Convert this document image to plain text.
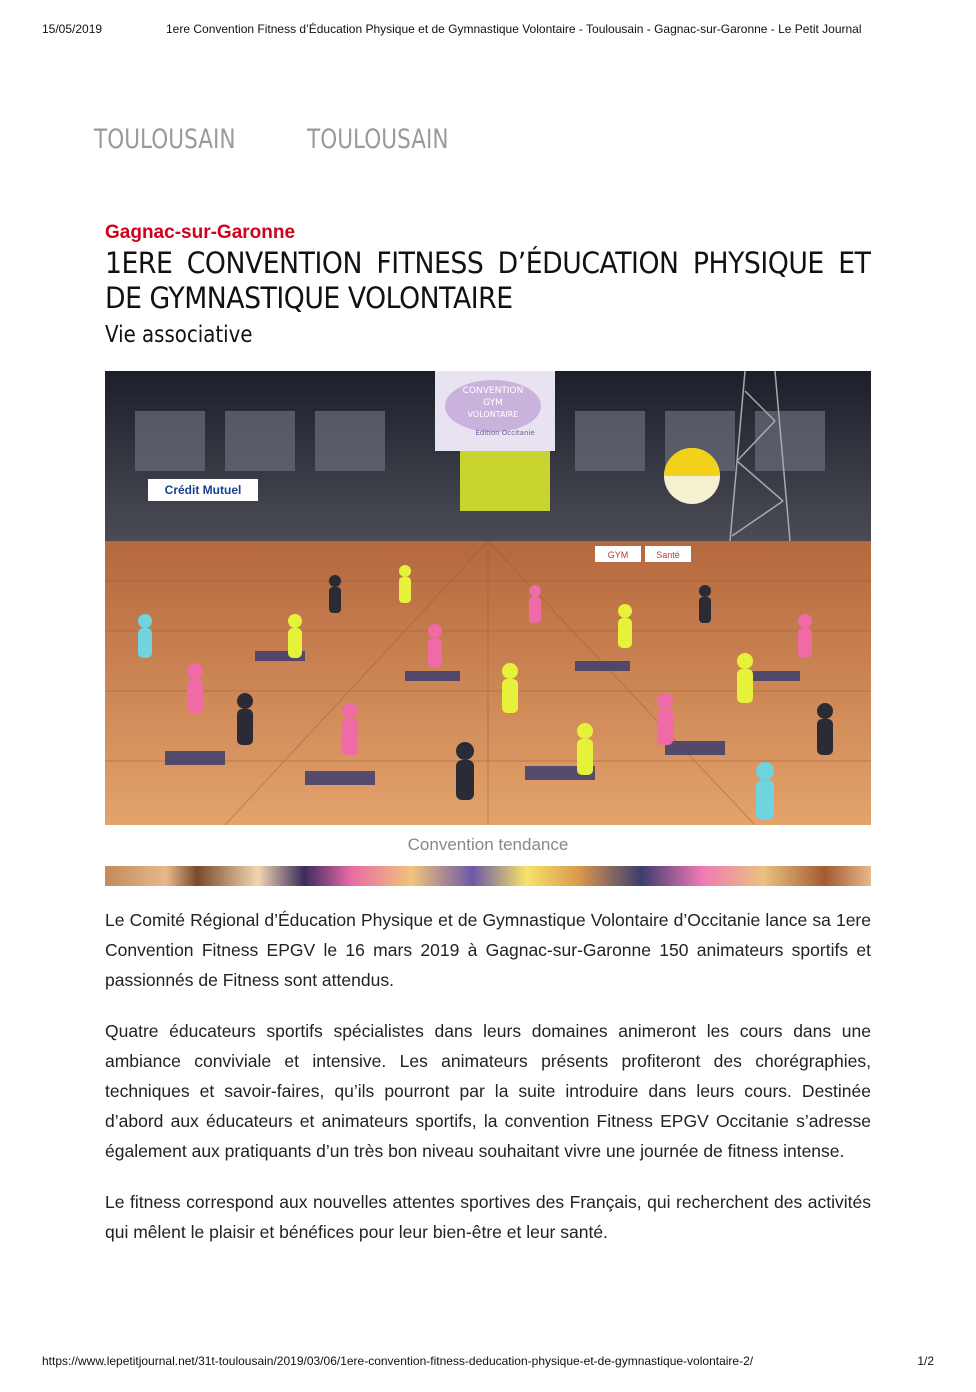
15/05/2019	1ere Convention Fitness d’Éducation Physique et de Gymnastique Volontaire - Toulousain - Gagnac-sur-Garonne - Le Petit Journal
TOULOUSAIN	TOULOUSAIN
Gagnac-sur-Garonne
1ERE CONVENTION FITNESS D’ÉDUCATION PHYSIQUE ET DE GYMNASTIQUE VOLONTAIRE
Vie associative
CONVENTION
GYM
VOLONTAIRE
Édition Occitanie
Crédit Mutuel
GYM	Santé
Convention tendance

Le Comité Régional d’Éducation Physique et de Gymnastique Volontaire d’Occitanie lance sa 1ere Convention Fitness EPGV le 16 mars 2019 à Gagnac-sur-Garonne 150 animateurs sportifs et passionnés de Fitness sont attendus.

Quatre éducateurs sportifs spécialistes dans leurs domaines animeront les cours dans une ambiance conviviale et intensive. Les animateurs présents profiteront des chorégraphies, techniques et savoir-faires, qu’ils pourront par la suite introduire dans leurs cours. Destinée d’abord aux éducateurs et animateurs sportifs, la convention Fitness EPGV Occitanie s’adresse également aux pratiquants d’un très bon niveau souhaitant vivre une journée de fitness intense.

Le fitness correspond aux nouvelles attentes sportives des Français, qui recherchent des activités qui mêlent le plaisir et bénéfices pour leur bien-être et leur santé.

https://www.lepetitjournal.net/31t-toulousain/2019/03/06/1ere-convention-fitness-deducation-physique-et-de-gymnastique-volontaire-2/	1/2
